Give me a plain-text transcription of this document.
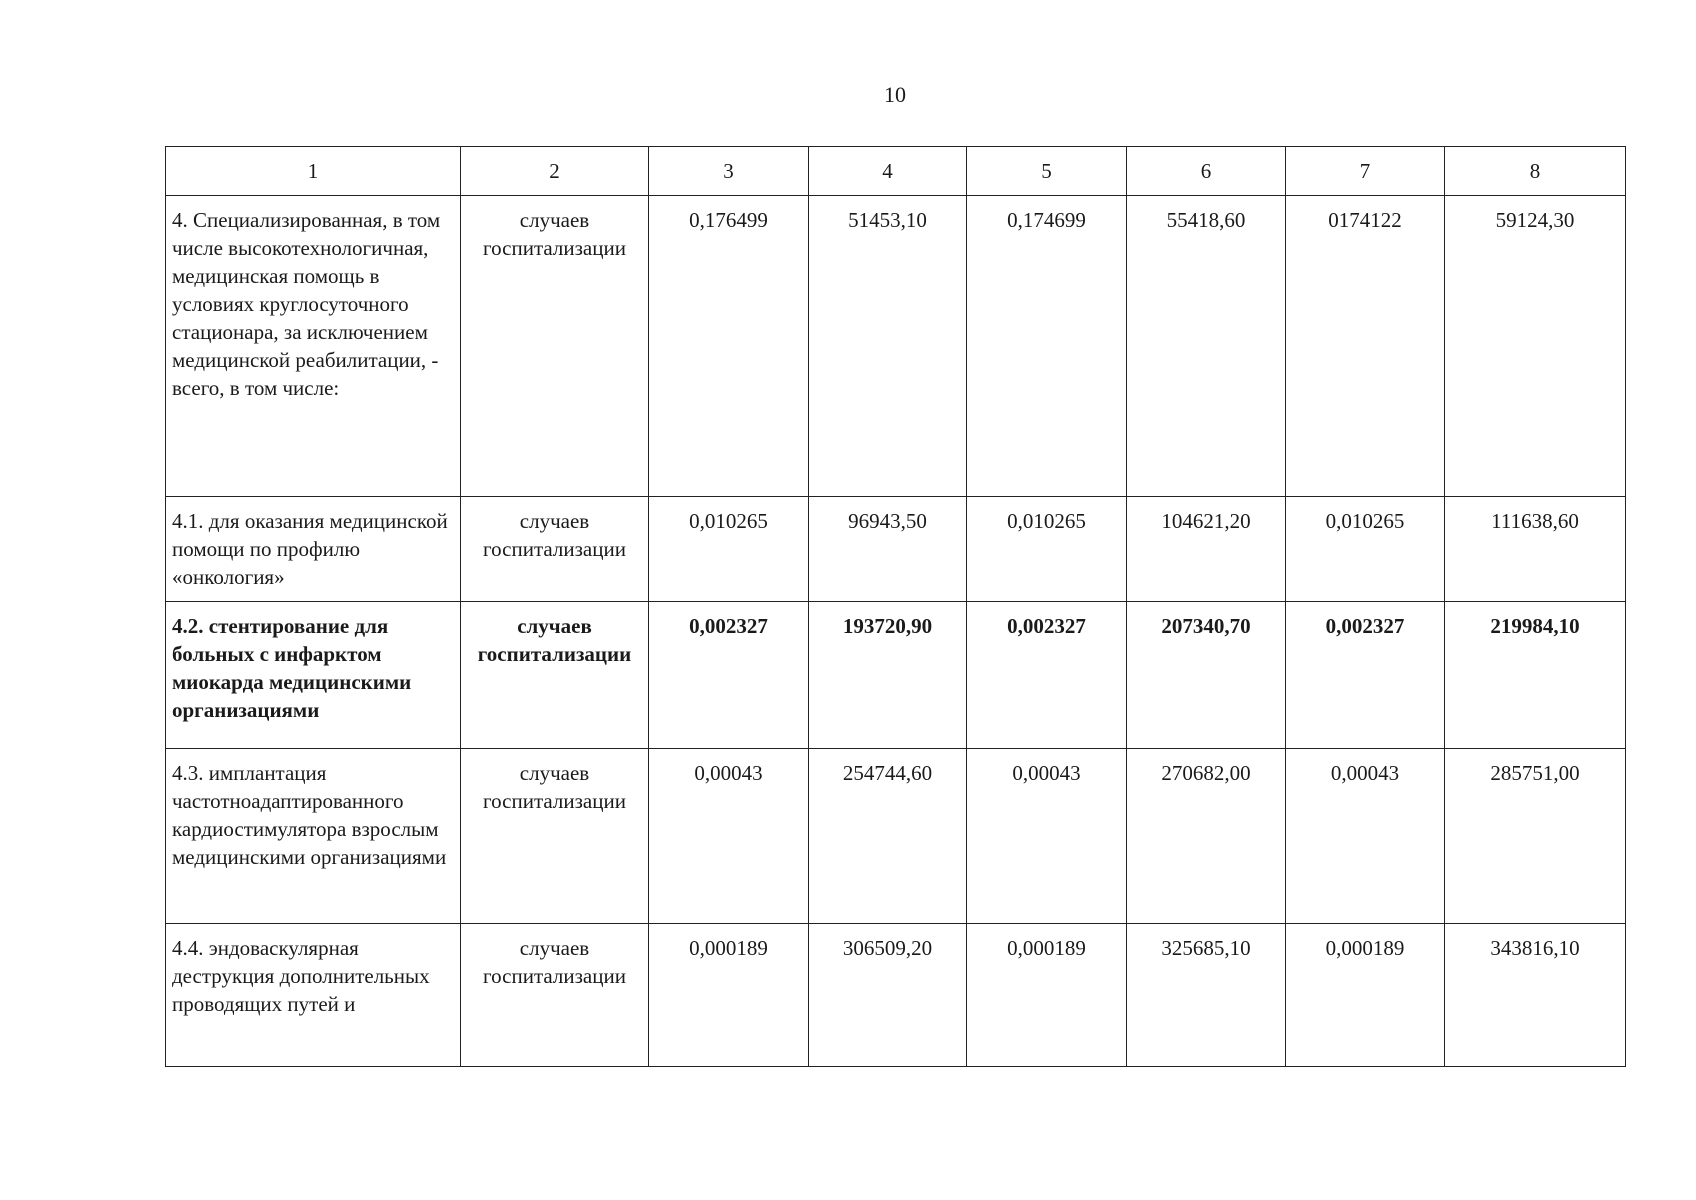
10
1	2	3	4	5	6	7	8
4. Специализированная, в том числе высокотехнологичная, медицинская помощь в условиях круглосуточного стационара, за исключением медицинской реабилитации, - всего, в том числе:	случаев госпитализации	0,176499	51453,10	0,174699	55418,60	0174122	59124,30
4.1. для оказания медицинской помощи по профилю «онкология»	случаев госпитализации	0,010265	96943,50	0,010265	104621,20	0,010265	111638,60
4.2. стентирование для больных с инфарктом миокарда медицинскими организациями	случаев госпитализации	0,002327	193720,90	0,002327	207340,70	0,002327	219984,10
4.3. имплантация частотноадаптированного кардиостимулятора взрослым медицинскими организациями	случаев госпитализации	0,00043	254744,60	0,00043	270682,00	0,00043	285751,00
4.4. эндоваскулярная деструкция дополнительных проводящих путей и	случаев госпитализации	0,000189	306509,20	0,000189	325685,10	0,000189	343816,10
